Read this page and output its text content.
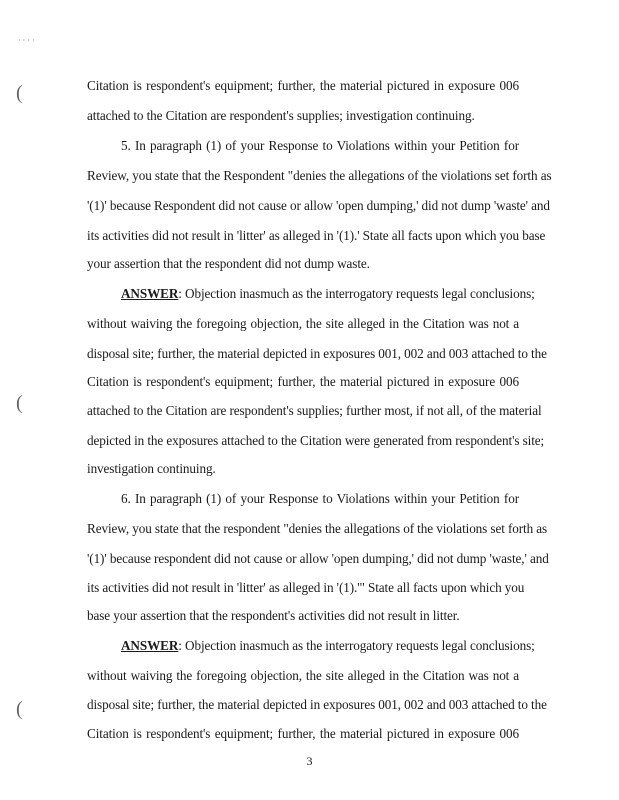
· · · ·
(
(
(
Citation is respondent's equipment; further, the material pictured in exposure 006
attached to the Citation are respondent's supplies; investigation continuing.
5. In paragraph (1) of your Response to Violations within your Petition for
Review, you state that the Respondent "denies the allegations of the violations set forth as
'(1)' because Respondent did not cause or allow 'open dumping,' did not dump 'waste' and
its activities did not result in 'litter' as alleged in '(1).' State all facts upon which you base
your assertion that the respondent did not dump waste.
ANSWER: Objection inasmuch as the interrogatory requests legal conclusions;
without waiving the foregoing objection, the site alleged in the Citation was not a
disposal site; further, the material depicted in exposures 001, 002 and 003 attached to the
Citation is respondent's equipment; further, the material pictured in exposure 006
attached to the Citation are respondent's supplies; further most, if not all, of the material
depicted in the exposures attached to the Citation were generated from respondent's site;
investigation continuing.
6. In paragraph (1) of your Response to Violations within your Petition for
Review, you state that the respondent "denies the allegations of the violations set forth as
'(1)' because respondent did not cause or allow 'open dumping,' did not dump 'waste,' and
its activities did not result in 'litter' as alleged in '(1).'" State all facts upon which you
base your assertion that the respondent's activities did not result in litter.
ANSWER: Objection inasmuch as the interrogatory requests legal conclusions;
without waiving the foregoing objection, the site alleged in the Citation was not a
disposal site; further, the material depicted in exposures 001, 002 and 003 attached to the
Citation is respondent's equipment; further, the material pictured in exposure 006
3
